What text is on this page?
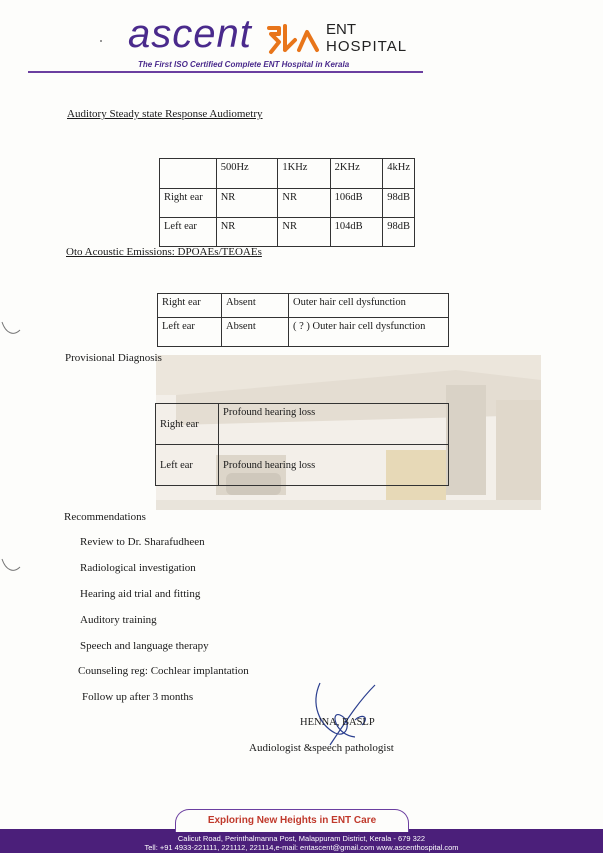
ascent	ENT
HOSPITAL
The First ISO Certified Complete ENT Hospital in Kerala
Auditory Steady state Response Audiometry
	500Hz	1KHz	2KHz	4kHz
Right ear	NR	NR	106dB	98dB
Left ear	NR	NR	104dB	98dB
Oto Acoustic Emissions: DPOAEs/TEOAEs
Right ear	Absent	Outer hair cell dysfunction
Left ear	Absent	( ? ) Outer hair cell dysfunction
Provisional Diagnosis
Right ear	Profound hearing loss
Left ear	Profound hearing loss
Recommendations
Review to Dr. Sharafudheen
Radiological investigation
Hearing aid trial and fitting
Auditory training
Speech and language therapy
Counseling reg: Cochlear implantation
Follow up after 3 months
HENNA, BASLP
Audiologist &speech pathologist
Exploring New Heights in ENT Care
Calicut Road, Perinthalmanna Post, Malappuram District, Kerala - 679 322
Tell: +91 4933-221111, 221112, 221114,e-mail: entascent@gmail.com www.ascenthospital.com
